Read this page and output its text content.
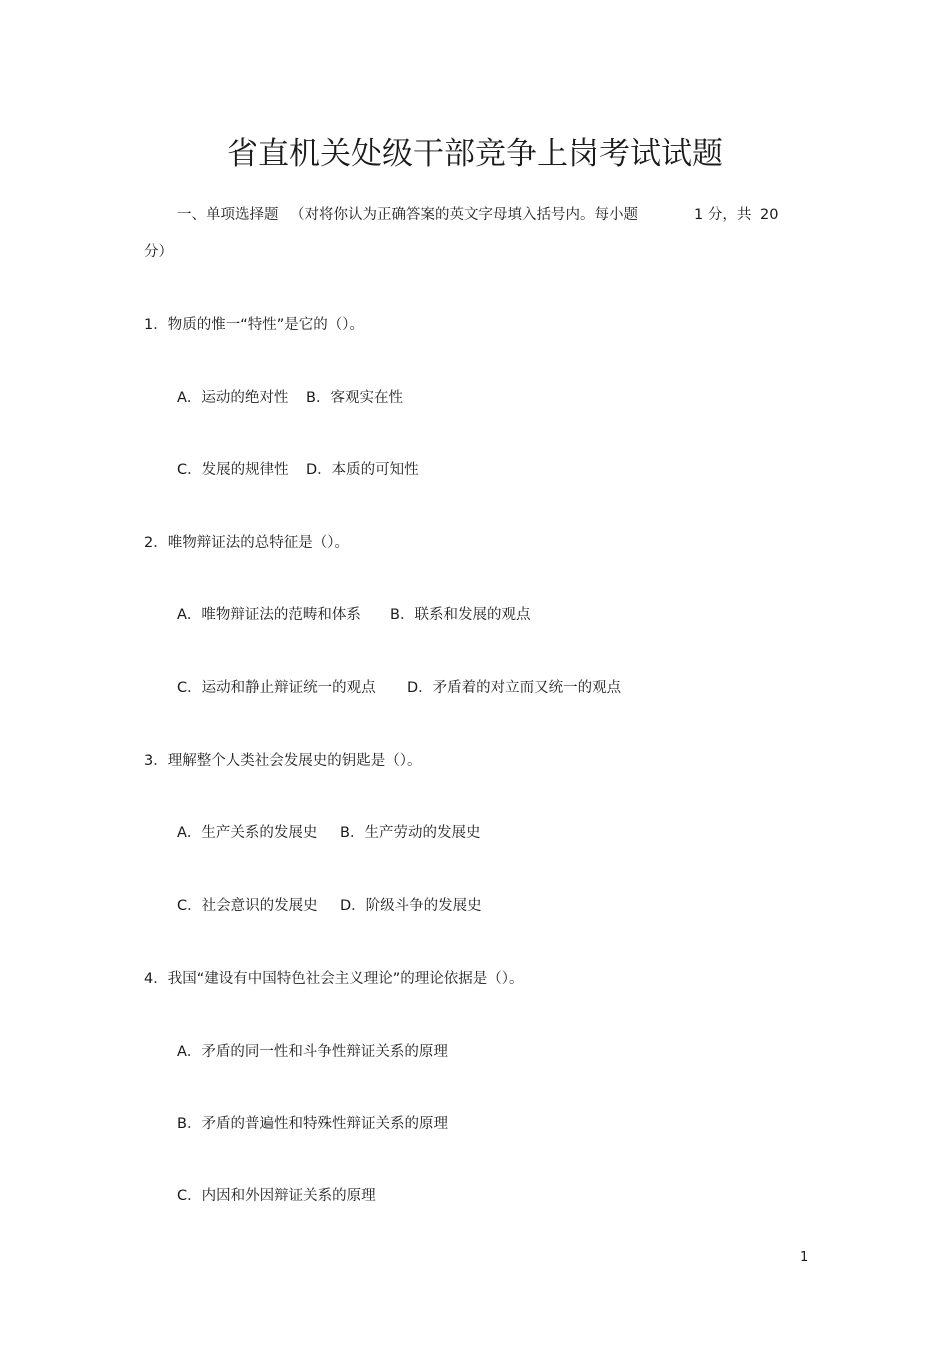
省直机关处级干部竞争上岗考试试题
一、单项选择题 （对将你认为正确答案的英文字母填入括号内。每小题	1 分，共 20
分）
1．物质的惟一“特性”是它的（）。
A．运动的绝对性 B．客观实在性
C．发展的规律性 D．本质的可知性
2．唯物辩证法的总特征是（）。
A．唯物辩证法的范畴和体系 B．联系和发展的观点
C．运动和静止辩证统一的观点 D．矛盾着的对立而又统一的观点
3．理解整个人类社会发展史的钥匙是（）。
A．生产关系的发展史 B．生产劳动的发展史
C．社会意识的发展史 D．阶级斗争的发展史
4．我国“建设有中国特色社会主义理论”的理论依据是（）。
A．矛盾的同一性和斗争性辩证关系的原理
B．矛盾的普遍性和特殊性辩证关系的原理
C．内因和外因辩证关系的原理
1
